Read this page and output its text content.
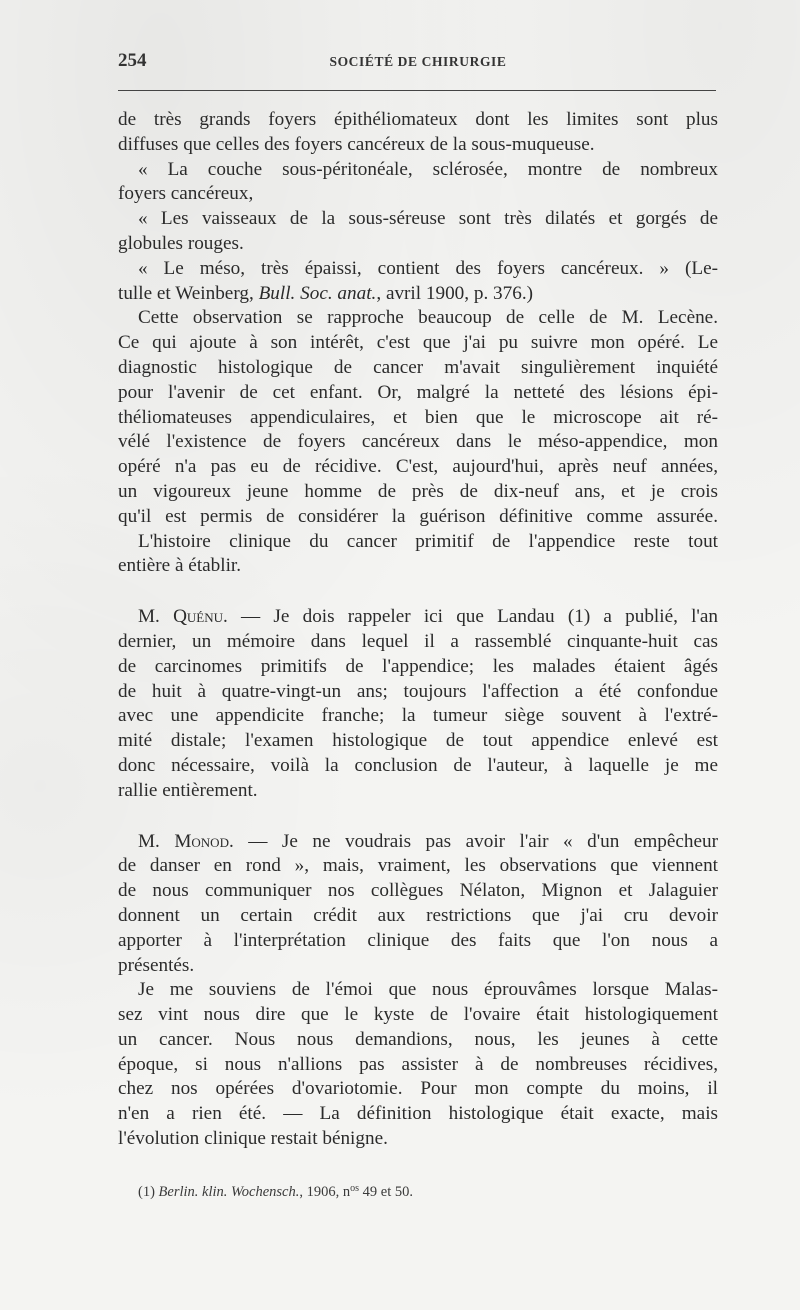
254	SOCIÉTÉ DE CHIRURGIE
de très grands foyers épithéliomateux dont les limites sont plus
diffuses que celles des foyers cancéreux de la sous-muqueuse.
« La couche sous-péritonéale, sclérosée, montre de nombreux
foyers cancéreux,
« Les vaisseaux de la sous-séreuse sont très dilatés et gorgés de
globules rouges.
« Le méso, très épaissi, contient des foyers cancéreux. » (Le-
tulle et Weinberg, Bull. Soc. anat., avril 1900, p. 376.)
Cette observation se rapproche beaucoup de celle de M. Lecène.
Ce qui ajoute à son intérêt, c'est que j'ai pu suivre mon opéré. Le
diagnostic histologique de cancer m'avait singulièrement inquiété
pour l'avenir de cet enfant. Or, malgré la netteté des lésions épi-
théliomateuses appendiculaires, et bien que le microscope ait ré-
vélé l'existence de foyers cancéreux dans le méso-appendice, mon
opéré n'a pas eu de récidive. C'est, aujourd'hui, après neuf années,
un vigoureux jeune homme de près de dix-neuf ans, et je crois
qu'il est permis de considérer la guérison définitive comme assurée.
L'histoire clinique du cancer primitif de l'appendice reste tout
entière à établir.
M. Quénu. — Je dois rappeler ici que Landau (1) a publié, l'an
dernier, un mémoire dans lequel il a rassemblé cinquante-huit cas
de carcinomes primitifs de l'appendice; les malades étaient âgés
de huit à quatre-vingt-un ans; toujours l'affection a été confondue
avec une appendicite franche; la tumeur siège souvent à l'extré-
mité distale; l'examen histologique de tout appendice enlevé est
donc nécessaire, voilà la conclusion de l'auteur, à laquelle je me
rallie entièrement.
M. Monod. — Je ne voudrais pas avoir l'air « d'un empêcheur
de danser en rond », mais, vraiment, les observations que viennent
de nous communiquer nos collègues Nélaton, Mignon et Jalaguier
donnent un certain crédit aux restrictions que j'ai cru devoir
apporter à l'interprétation clinique des faits que l'on nous a
présentés.
Je me souviens de l'émoi que nous éprouvâmes lorsque Malas-
sez vint nous dire que le kyste de l'ovaire était histologiquement
un cancer. Nous nous demandions, nous, les jeunes à cette
époque, si nous n'allions pas assister à de nombreuses récidives,
chez nos opérées d'ovariotomie. Pour mon compte du moins, il
n'en a rien été. — La définition histologique était exacte, mais
l'évolution clinique restait bénigne.
(1) Berlin. klin. Wochensch., 1906, $n^{os}$ 49 et 50.
